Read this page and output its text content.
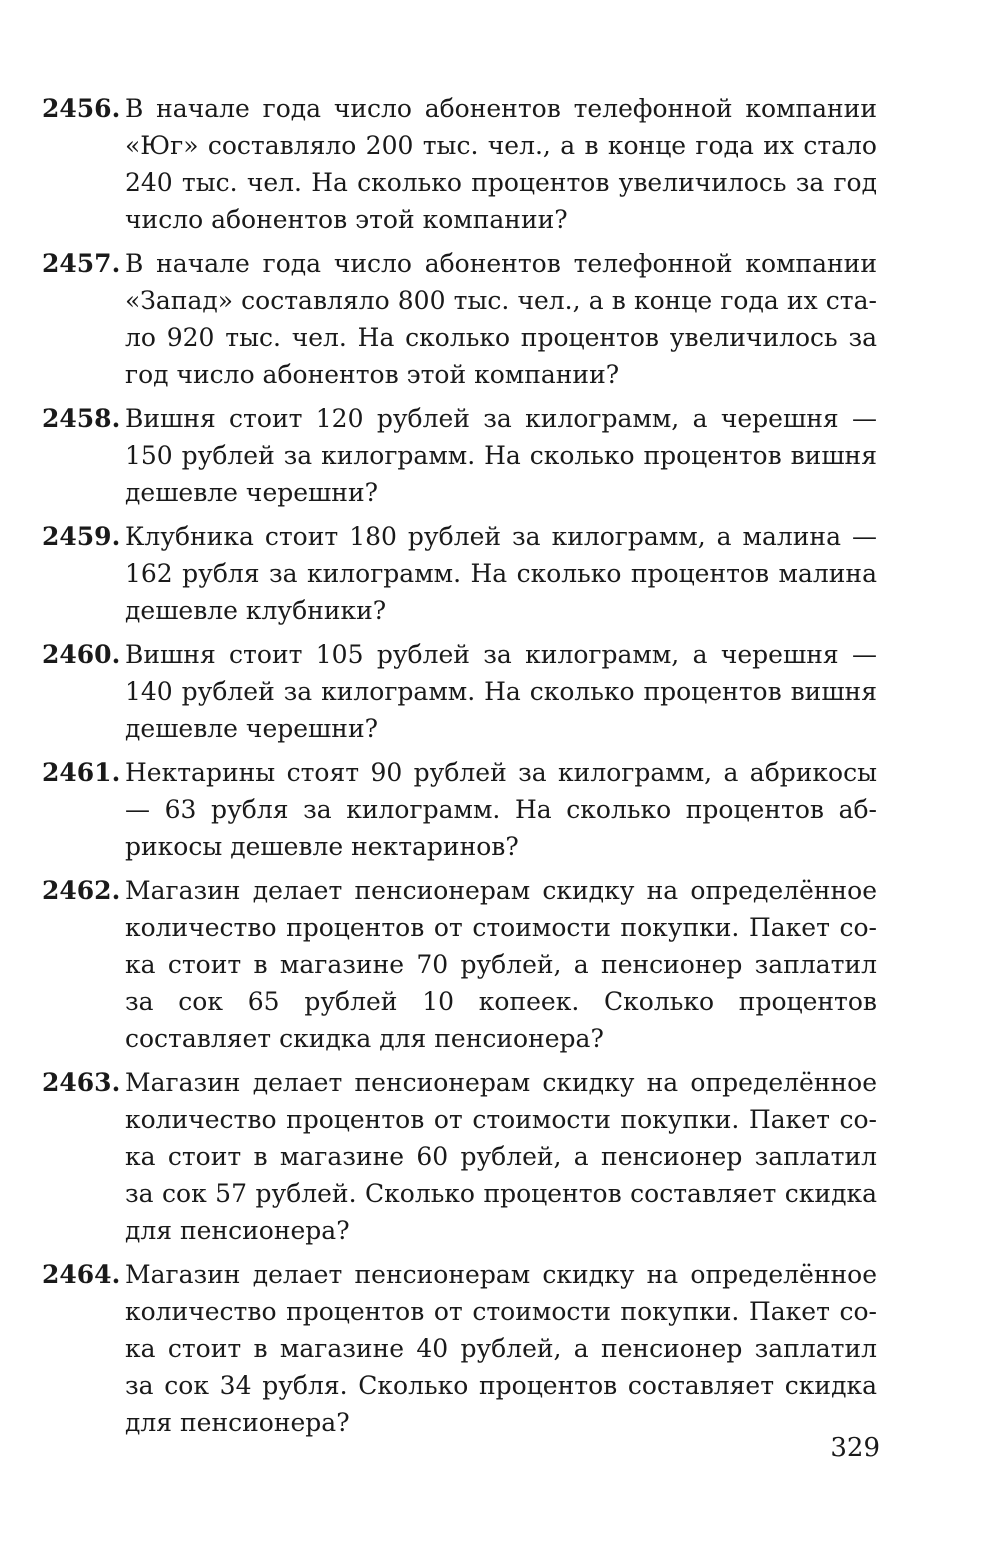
2456. В начале года число абонентов телефонной компании «Юг» составляло 200 тыс. чел., а в конце года их стало 240 тыс. чел. На сколько процентов увеличилось за год число абонентов этой компании?
2457. В начале года число абонентов телефонной компании «Запад» составляло 800 тыс. чел., а в конце года их стало 920 тыс. чел. На сколько процентов увеличилось за год число абонентов этой компании?
2458. Вишня стоит 120 рублей за килограмм, а черешня — 150 рублей за килограмм. На сколько процентов вишня дешевле черешни?
2459. Клубника стоит 180 рублей за килограмм, а малина — 162 рубля за килограмм. На сколько процентов малина дешевле клубники?
2460. Вишня стоит 105 рублей за килограмм, а черешня — 140 рублей за килограмм. На сколько процентов вишня дешевле черешни?
2461. Нектарины стоят 90 рублей за килограмм, а абрикосы — 63 рубля за килограмм. На сколько процентов абрикосы дешевле нектаринов?
2462. Магазин делает пенсионерам скидку на определённое количество процентов от стоимости покупки. Пакет сока стоит в магазине 70 рублей, а пенсионер заплатил за сок 65 рублей 10 копеек. Сколько процентов составляет скидка для пенсионера?
2463. Магазин делает пенсионерам скидку на определённое количество процентов от стоимости покупки. Пакет сока стоит в магазине 60 рублей, а пенсионер заплатил за сок 57 рублей. Сколько процентов составляет скидка для пенсионера?
2464. Магазин делает пенсионерам скидку на определённое количество процентов от стоимости покупки. Пакет сока стоит в магазине 40 рублей, а пенсионер заплатил за сок 34 рубля. Сколько процентов составляет скидка для пенсионера?
329
